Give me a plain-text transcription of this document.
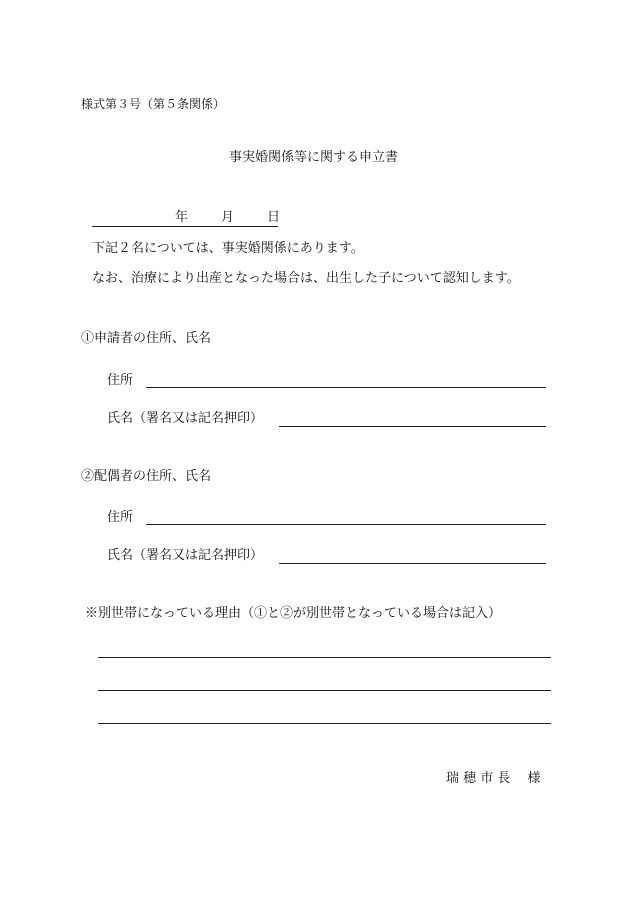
様式第３号（第５条関係）
事実婚関係等に関する申立書
年	月	日
下記２名については、事実婚関係にあります。
なお、治療により出産となった場合は、出生した子について認知します。
①申請者の住所、氏名
住所
氏名（署名又は記名押印）
②配偶者の住所、氏名
住所
氏名（署名又は記名押印）
※別世帯になっている理由（①と②が別世帯となっている場合は記入）
瑞 穂 市 長　 様
